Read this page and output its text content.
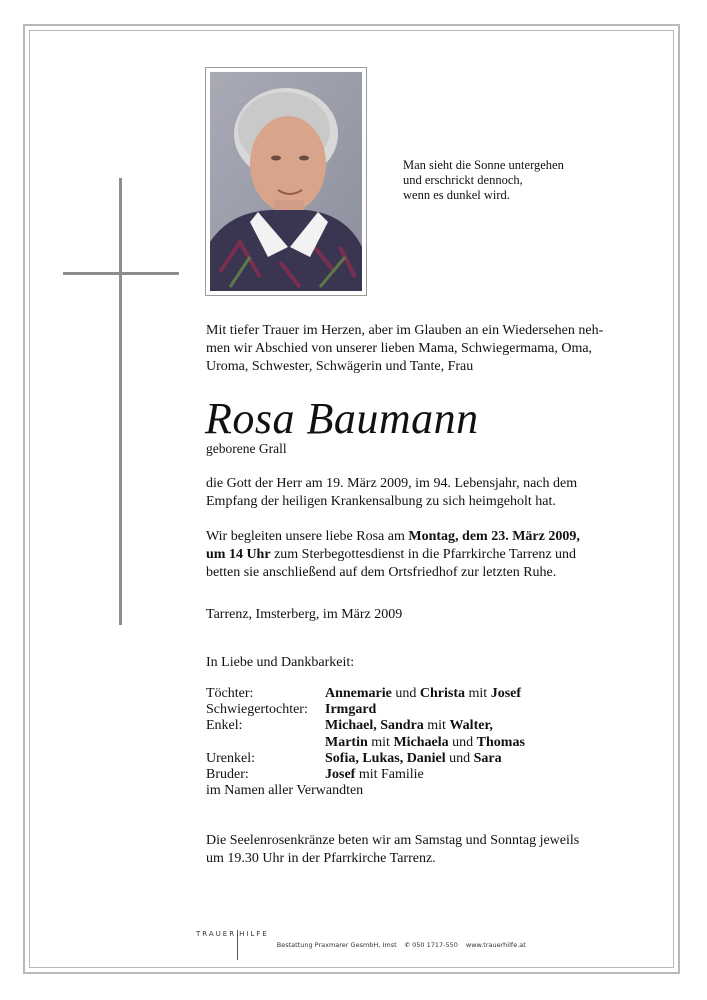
Man sieht die Sonne untergehen
und erschrickt dennoch,
wenn es dunkel wird.
Mit tiefer Trauer im Herzen, aber im Glauben an ein Wiedersehen neh-
men wir Abschied von unserer lieben Mama, Schwiegermama, Oma,
Uroma, Schwester, Schwägerin und Tante, Frau
Rosa Baumann
geborene Grall
die Gott der Herr am 19. März 2009, im 94. Lebensjahr, nach dem
Empfang der heiligen Krankensalbung zu sich heimgeholt hat.
Wir begleiten unsere liebe Rosa am Montag, dem 23. März 2009,
um 14 Uhr zum Sterbegottesdienst in die Pfarrkirche Tarrenz und
betten sie anschließend auf dem Ortsfriedhof zur letzten Ruhe.
Tarrenz, Imsterberg, im März 2009
In Liebe und Dankbarkeit:
Töchter:	Annemarie und Christa mit Josef
Schwiegertochter:	Irmgard
Enkel:	Michael, Sandra mit Walter,
Martin mit Michaela und Thomas
Urenkel:	Sofia, Lukas, Daniel und Sara
Bruder:	Josef mit Familie
im Namen aller Verwandten
Die Seelenrosenkränze beten wir am Samstag und Sonntag jeweils
um 19.30 Uhr in der Pfarrkirche Tarrenz.
TRAUER HILFE
Bestattung Praxmarer GesmbH, Imst ✆ 050 1717-550 www.trauerhilfe.at
